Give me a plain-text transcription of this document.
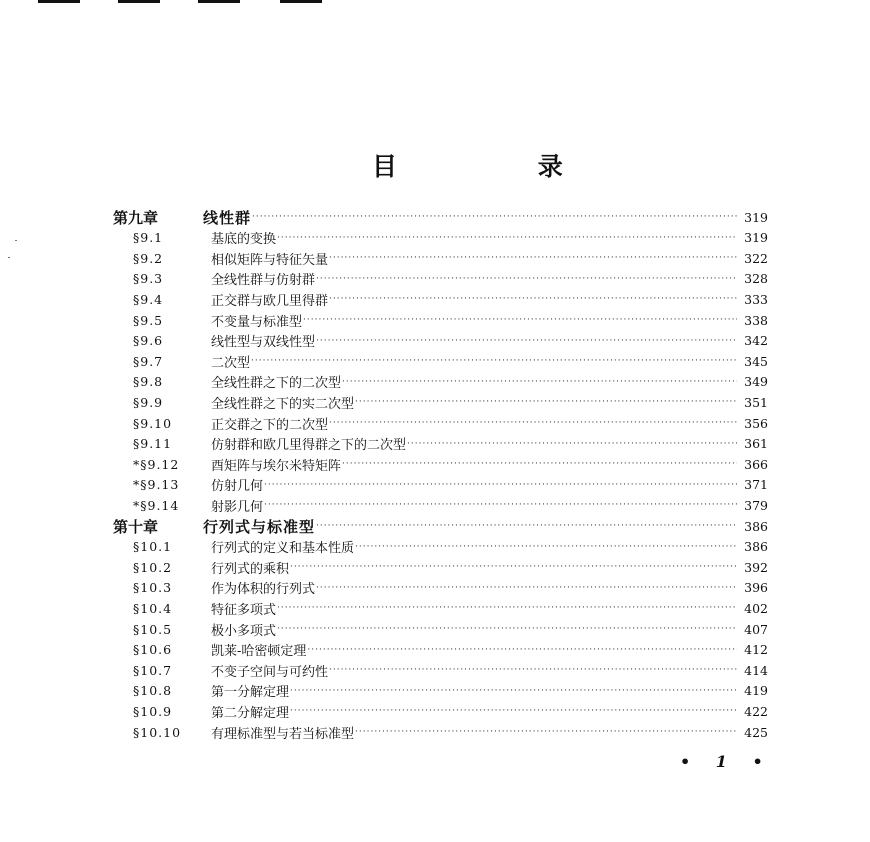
目 录
第九章	线性群 ·····	319
§9.1	基底的变换 ·····	319
§9.2	相似矩阵与特征矢量 ·····	322
§9.3	全线性群与仿射群 ·····	328
§9.4	正交群与欧几里得群 ·····	333
§9.5	不变量与标准型 ·····	338
§9.6	线性型与双线性型 ·····	342
§9.7	二次型 ·····	345
§9.8	全线性群之下的二次型 ·····	349
§9.9	全线性群之下的实二次型 ·····	351
§9.10	正交群之下的二次型 ·····	356
§9.11	仿射群和欧几里得群之下的二次型 ·····	361
*§9.12	酉矩阵与埃尔米特矩阵 ·····	366
*§9.13	仿射几何 ·····	371
*§9.14	射影几何 ·····	379
第十章	行列式与标准型 ·····	386
§10.1	行列式的定义和基本性质 ·····	386
§10.2	行列式的乘积 ·····	392
§10.3	作为体积的行列式 ·····	396
§10.4	特征多项式 ·····	402
§10.5	极小多项式 ·····	407
§10.6	凯莱-哈密顿定理 ·····	412
§10.7	不变子空间与可约性 ·····	414
§10.8	第一分解定理 ·····	419
§10.9	第二分解定理 ·····	422
§10.10	有理标准型与若当标准型 ·····	425
• 1 •
